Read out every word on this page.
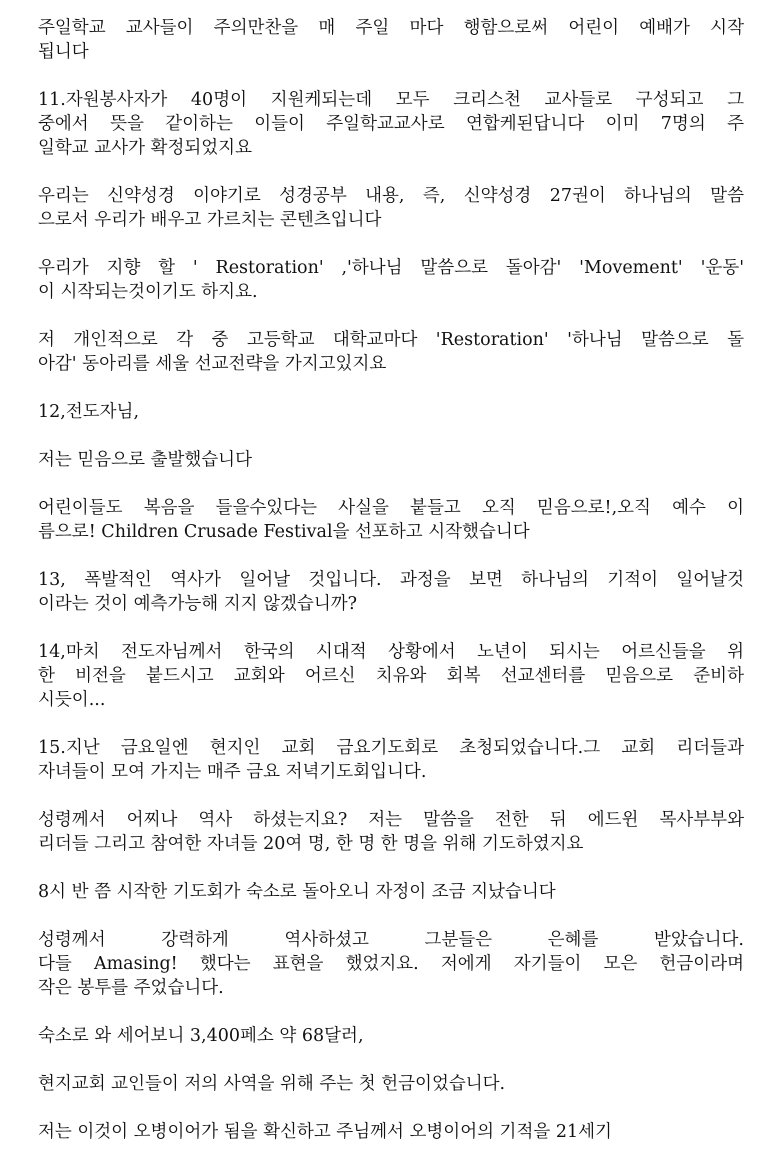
주일학교 교사들이 주의만찬을 매 주일 마다 행함으로써 어린이 예배가 시작
됩니다
11.자원봉사자가 40명이 지원케되는데 모두 크리스천 교사들로 구성되고 그
중에서 뜻을 같이하는 이들이 주일학교교사로 연합케된답니다 이미 7명의 주
일학교 교사가 확정되었지요
우리는 신약성경 이야기로 성경공부 내용, 즉, 신약성경 27권이 하나님의 말씀
으로서 우리가 배우고 가르치는 콘텐츠입니다
우리가 지향 할 ' Restoration' ,'하나님 말씀으로 돌아감' 'Movement' '운동'
이 시작되는것이기도 하지요.
저 개인적으로 각 중 고등학교 대학교마다 'Restoration' '하나님 말씀으로 돌
아감' 동아리를 세울 선교전략을 가지고있지요
12,전도자님,
저는 믿음으로 출발했습니다
어린이들도 복음을 들을수있다는 사실을 붙들고 오직 믿음으로!,오직 예수 이
름으로! Children Crusade Festival을 선포하고 시작했습니다
13, 폭발적인 역사가 일어날 것입니다. 과정을 보면 하나님의 기적이 일어날것
이라는 것이 예측가능해 지지 않겠습니까?
14,마치 전도자님께서 한국의 시대적 상황에서 노년이 되시는 어르신들을 위
한 비전을 붙드시고 교회와 어르신 치유와 회복 선교센터를 믿음으로 준비하
시듯이...
15.지난 금요일엔 현지인 교회 금요기도회로 초청되었습니다.그 교회 리더들과
자녀들이 모여 가지는 매주 금요 저녁기도회입니다.
성령께서 어찌나 역사 하셨는지요? 저는 말씀을 전한 뒤 에드윈 목사부부와
리더들 그리고 참여한 자녀들 20여 명, 한 명 한 명을 위해 기도하였지요
8시 반 쯤 시작한 기도회가 숙소로 돌아오니 자정이 조금 지났습니다
성령께서 강력하게 역사하셨고 그분들은 은혜를 받았습니다.
다들 Amasing! 했다는 표현을 했었지요. 저에게 자기들이 모은 헌금이라며
작은 봉투를 주었습니다.
숙소로 와 세어보니 3,400페소 약 68달러,
현지교회 교인들이 저의 사역을 위해 주는 첫 헌금이었습니다.
저는 이것이 오병이어가 됨을 확신하고 주님께서 오병이어의 기적을 21세기
